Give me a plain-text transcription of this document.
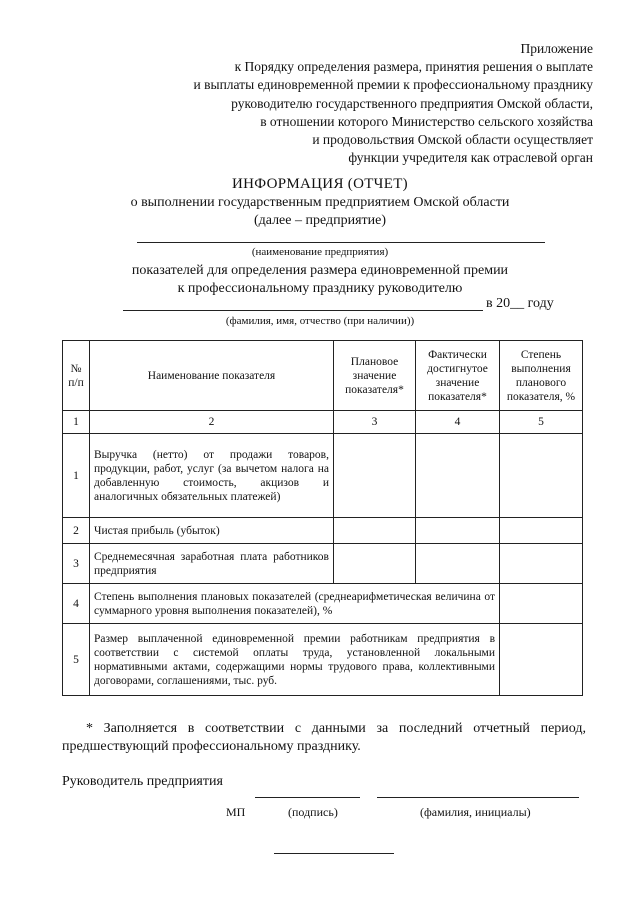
Приложение
к Порядку определения размера, принятия решения о выплате
и выплаты единовременной премии к профессиональному празднику
руководителю государственного предприятия Омской области,
в отношении которого Министерство сельского хозяйства
и продовольствия Омской области осуществляет
функции учредителя как отраслевой орган
ИНФОРМАЦИЯ (ОТЧЕТ)
о выполнении государственным предприятием Омской области
(далее – предприятие)
(наименование предприятия)
показателей для определения размера единовременной премии
к профессиональному празднику руководителю
в 20__ году
(фамилия, имя, отчество (при наличии))
№ п/п	Наименование показателя	Плановое значение показателя*	Фактически достигнутое значение показателя*	Степень выполнения планового показателя, %
1	2	3	4	5
1	Выручка (нетто) от продажи товаров, продукции, работ, услуг (за вычетом налога на добавленную стоимость, акцизов и аналогичных обязательных платежей)			
2	Чистая прибыль (убыток)			
3	Среднемесячная заработная плата работников предприятия			
4	Степень выполнения плановых показателей (среднеарифметическая величина от суммарного уровня выполнения показателей), %			
5	Размер выплаченной единовременной премии работникам предприятия в соответствии с системой оплаты труда, установленной локальными нормативными актами, содержащими нормы трудового права, коллективными договорами, соглашениями, тыс. руб.			
* Заполняется в соответствии с данными за последний отчетный период, предшествующий профессиональному празднику.
Руководитель предприятия
МП	(подпись)	(фамилия, инициалы)
